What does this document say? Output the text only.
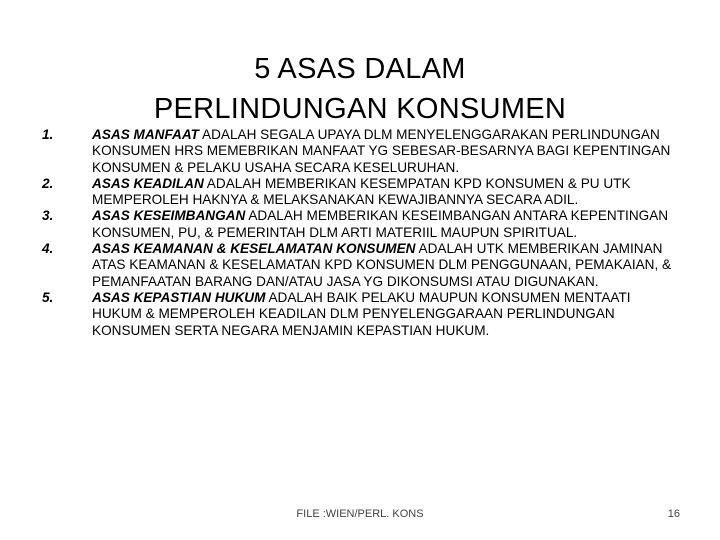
5 ASAS DALAM
PERLINDUNGAN KONSUMEN
1.	ASAS MANFAAT ADALAH SEGALA UPAYA DLM MENYELENGGARAKAN PERLINDUNGAN KONSUMEN HRS MEMEBRIKAN MANFAAT YG SEBESAR-BESARNYA BAGI KEPENTINGAN KONSUMEN & PELAKU USAHA SECARA KESELURUHAN.
2.	ASAS KEADILAN ADALAH MEMBERIKAN KESEMPATAN KPD KONSUMEN & PU UTK MEMPEROLEH HAKNYA & MELAKSANAKAN KEWAJIBANNYA SECARA ADIL.
3.	ASAS KESEIMBANGAN ADALAH MEMBERIKAN KESEIMBANGAN ANTARA KEPENTINGAN KONSUMEN, PU, & PEMERINTAH DLM ARTI MATERIIL MAUPUN SPIRITUAL.
4.	ASAS KEAMANAN & KESELAMATAN KONSUMEN ADALAH UTK MEMBERIKAN JAMINAN ATAS KEAMANAN & KESELAMATAN KPD KONSUMEN DLM PENGGUNAAN, PEMAKAIAN, & PEMANFAATAN BARANG DAN/ATAU JASA YG DIKONSUMSI ATAU DIGUNAKAN.
5.	ASAS KEPASTIAN HUKUM ADALAH BAIK PELAKU MAUPUN KONSUMEN MENTAATI HUKUM & MEMPEROLEH KEADILAN DLM PENYELENGGARAAN PERLINDUNGAN KONSUMEN SERTA NEGARA MENJAMIN KEPASTIAN HUKUM.
FILE :WIEN/PERL. KONS	16
